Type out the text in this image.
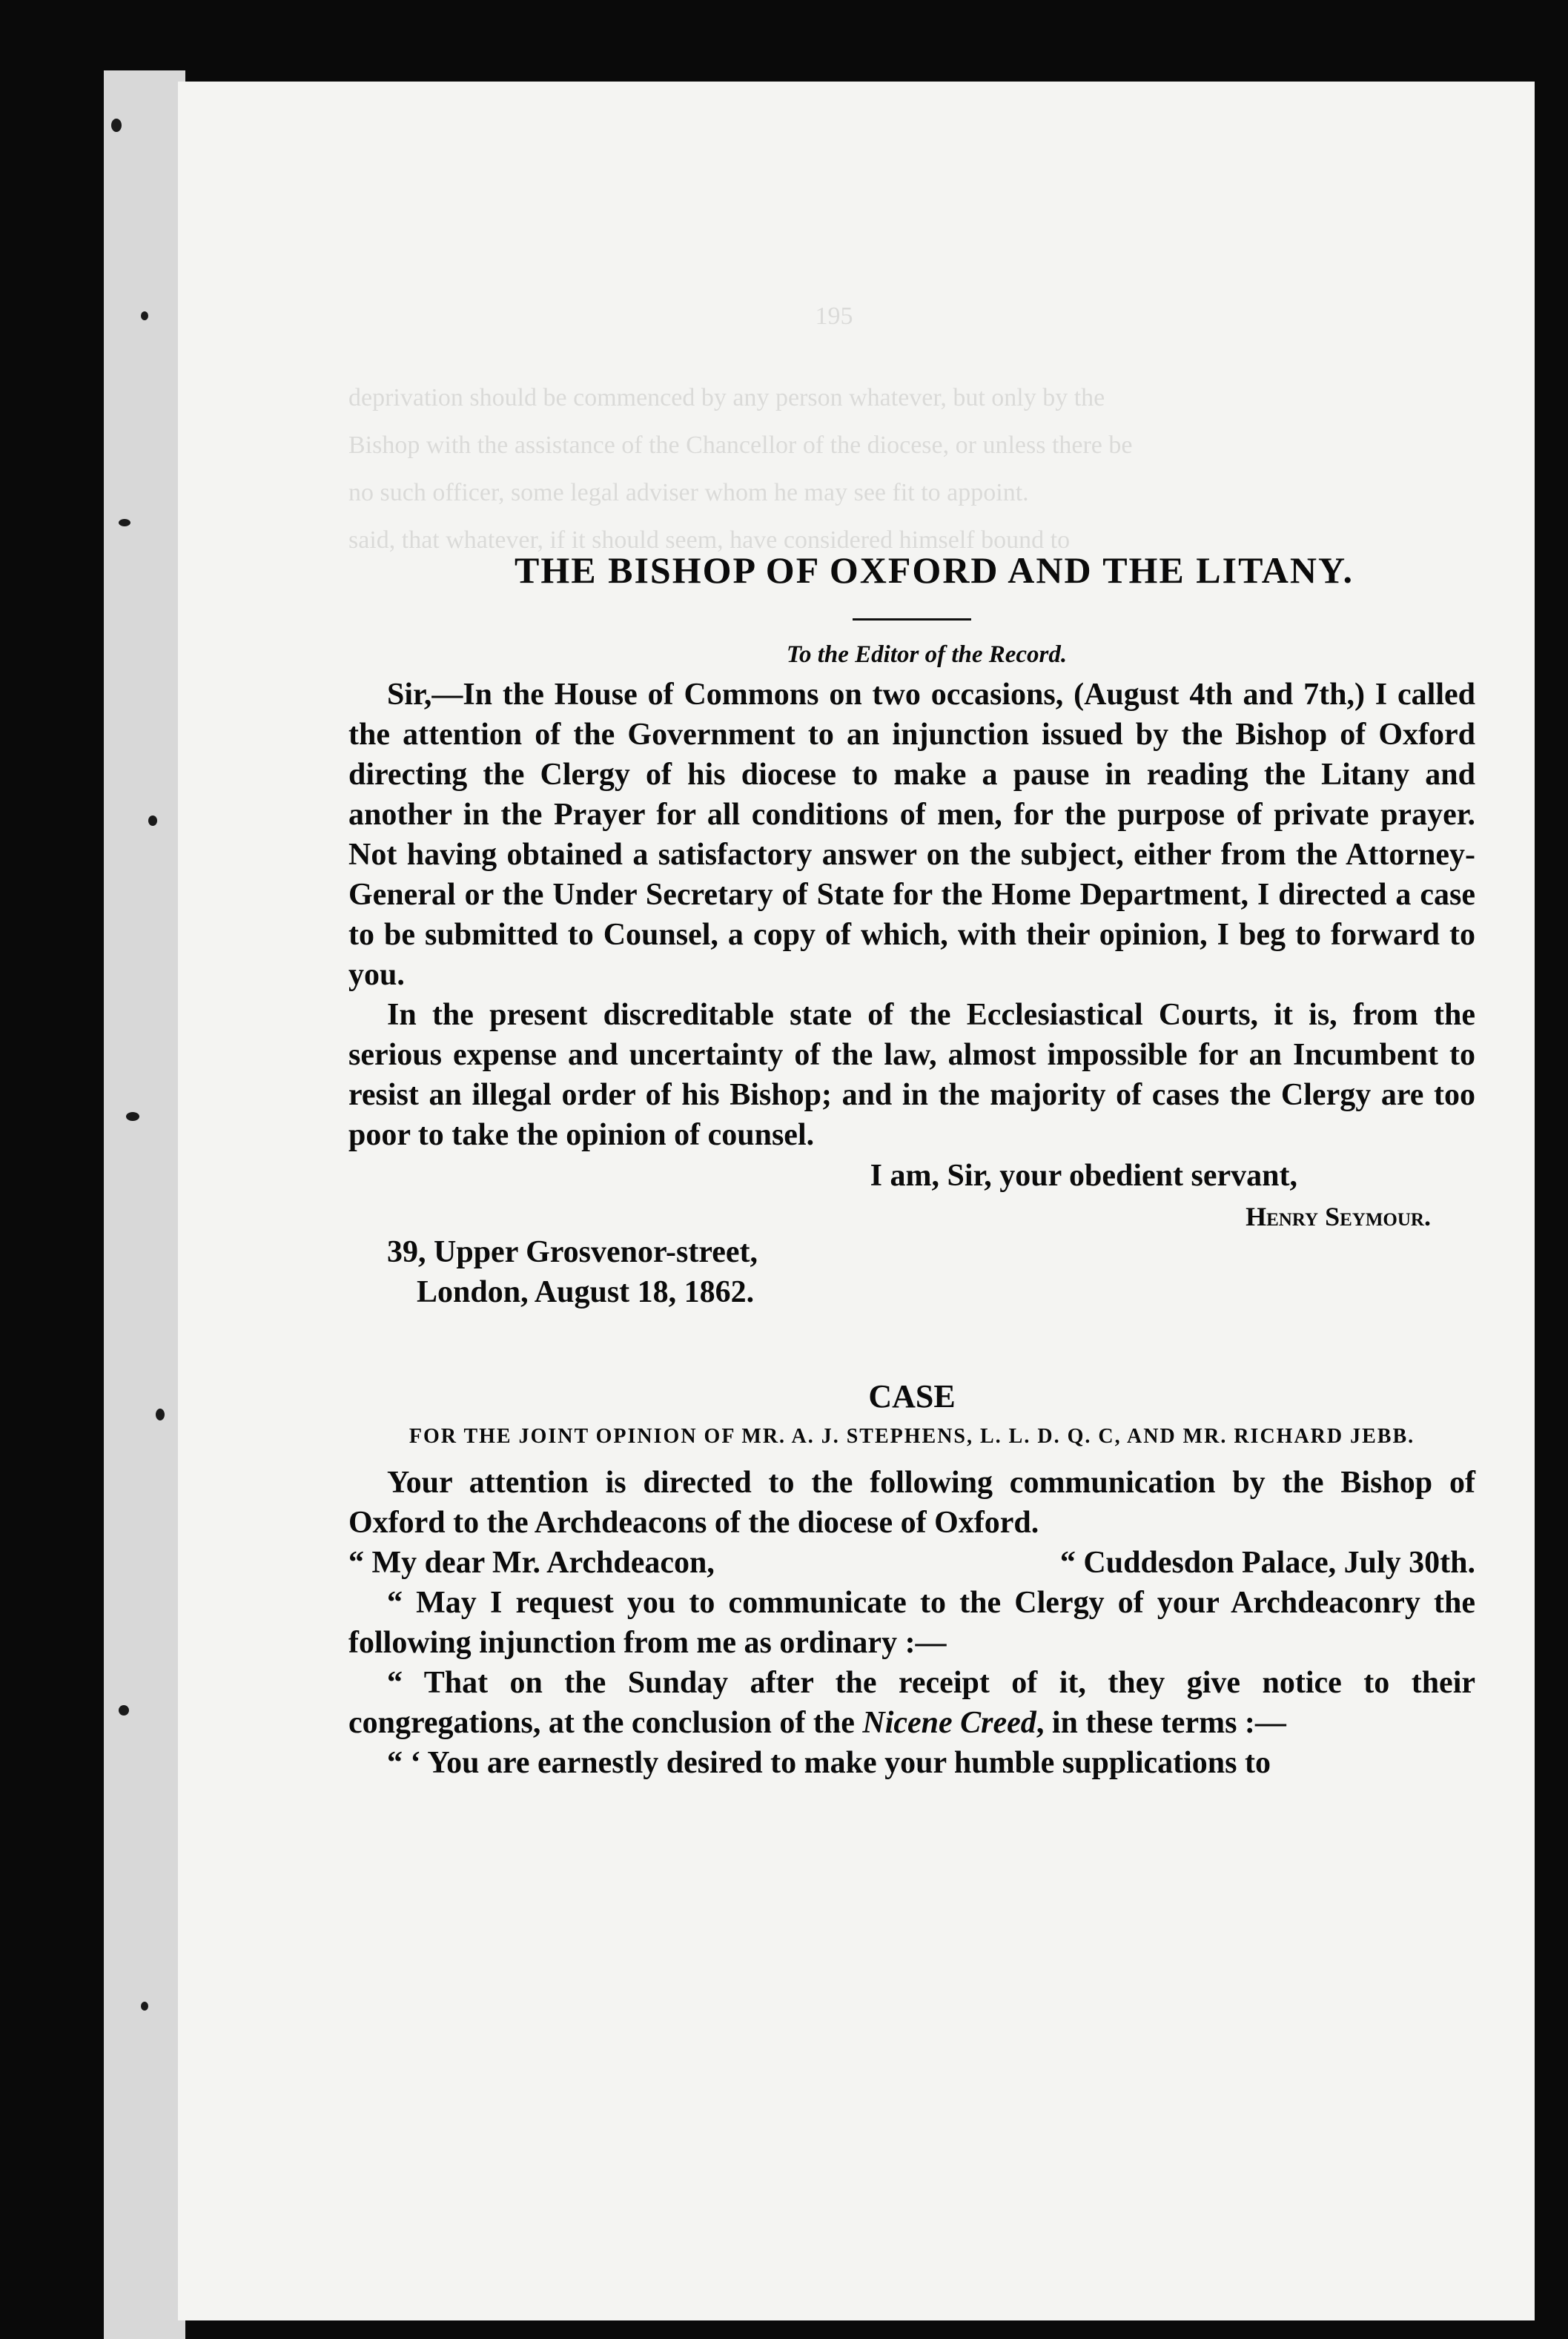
195
deprivation should be commenced by any person whatever, but only by the
Bishop with the assistance of the Chancellor of the diocese, or unless there be
no such officer, some legal adviser whom he may see fit to appoint.
said, that whatever, if it should seem, have considered himself bound to
THE BISHOP OF OXFORD AND THE LITANY.
To the Editor of the Record.

Sir,—In the House of Commons on two occasions, (August 4th and 7th,) I called the attention of the Government to an injunction issued by the Bishop of Oxford directing the Clergy of his diocese to make a pause in reading the Litany and another in the Prayer for all conditions of men, for the purpose of private prayer. Not having obtained a satisfactory answer on the subject, either from the Attorney-General or the Under Secretary of State for the Home Department, I directed a case to be submitted to Counsel, a copy of which, with their opinion, I beg to forward to you.

In the present discreditable state of the Ecclesiastical Courts, it is, from the serious expense and uncertainty of the law, almost impossible for an Incumbent to resist an illegal order of his Bishop; and in the majority of cases the Clergy are too poor to take the opinion of counsel.

I am, Sir, your obedient servant,
Henry Seymour.
39, Upper Grosvenor-street,
London, August 18, 1862.
CASE
FOR THE JOINT OPINION OF MR. A. J. STEPHENS, L. L. D. Q. C, AND MR. RICHARD JEBB.

Your attention is directed to the following communication by the Bishop of Oxford to the Archdeacons of the diocese of Oxford.

“ My dear Mr. Archdeacon,	“ Cuddesdon Palace, July 30th.

“ May I request you to communicate to the Clergy of your Archdeaconry the following injunction from me as ordinary :—

“ That on the Sunday after the receipt of it, they give notice to their congregations, at the conclusion of the Nicene Creed, in these terms :—

“ ‘ You are earnestly desired to make your humble supplications to
